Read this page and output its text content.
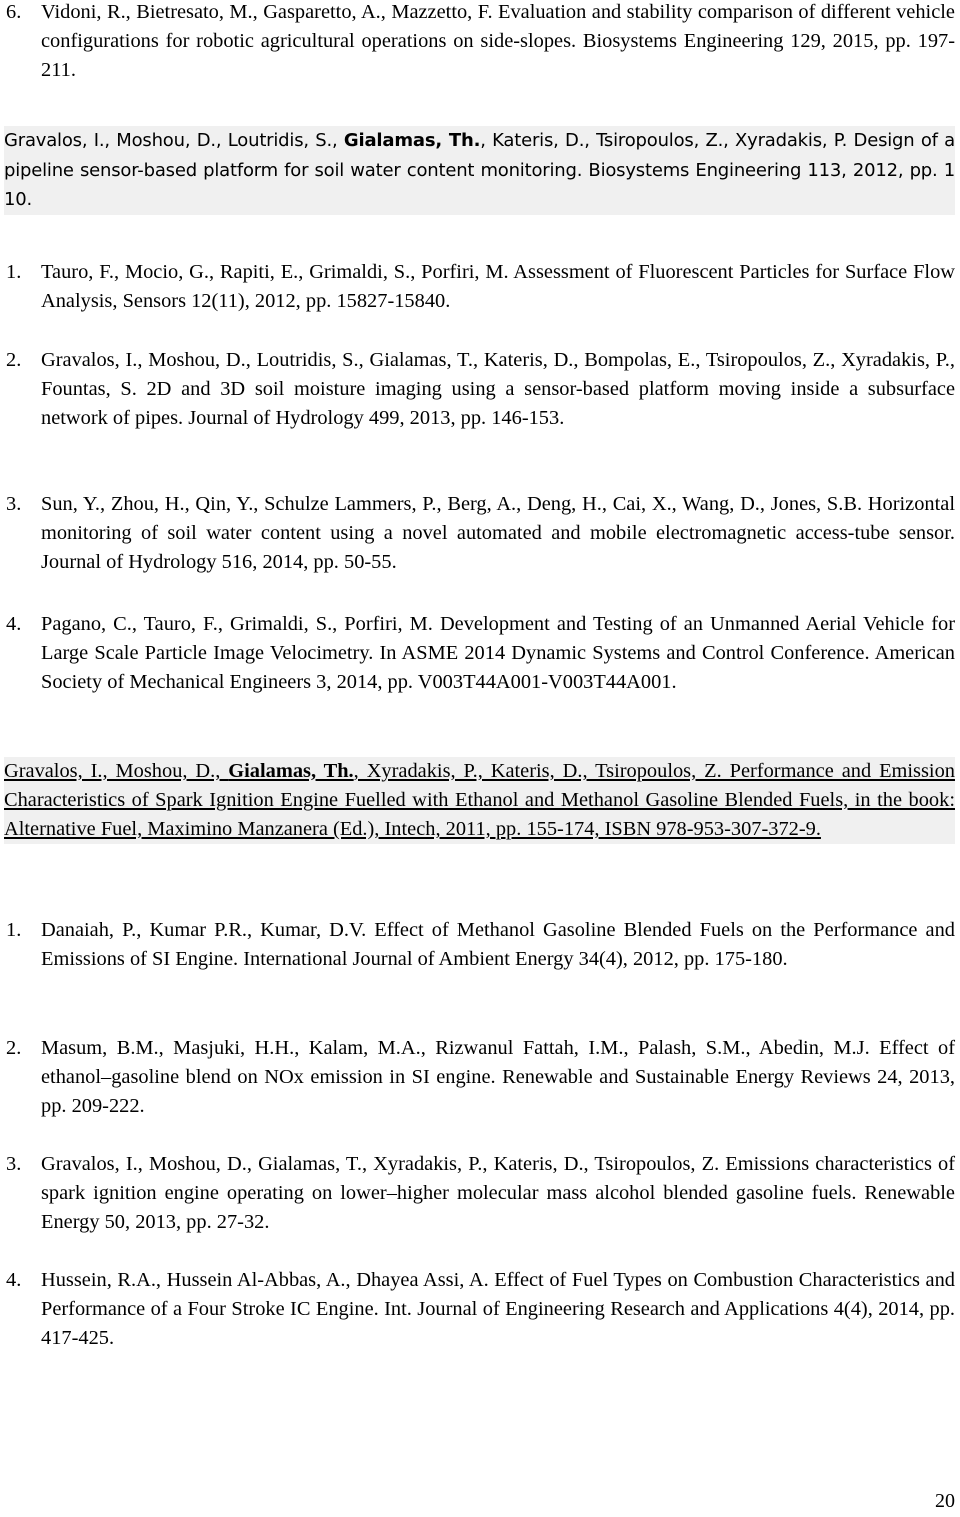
6. Vidoni, R., Bietresato, M., Gasparetto, A., Mazzetto, F. Evaluation and stability comparison of different vehicle configurations for robotic agricultural operations on side-slopes. Biosystems Engineering 129, 2015, pp. 197-211.
Gravalos, I., Moshou, D., Loutridis, S., Gialamas, Th., Kateris, D., Tsiropoulos, Z., Xyradakis, P. Design of a pipeline sensor-based platform for soil water content monitoring. Biosystems Engineering 113, 2012, pp. 1 10.
1. Tauro, F., Mocio, G., Rapiti, E., Grimaldi, S., Porfiri, M. Assessment of Fluorescent Particles for Surface Flow Analysis, Sensors 12(11), 2012, pp. 15827-15840.
2. Gravalos, I., Moshou, D., Loutridis, S., Gialamas, T., Kateris, D., Bompolas, E., Tsiropoulos, Z., Xyradakis, P., Fountas, S. 2D and 3D soil moisture imaging using a sensor-based platform moving inside a subsurface network of pipes. Journal of Hydrology 499, 2013, pp. 146-153.
3. Sun, Y., Zhou, H., Qin, Y., Schulze Lammers, P., Berg, A., Deng, H., Cai, X., Wang, D., Jones, S.B. Horizontal monitoring of soil water content using a novel automated and mobile electromagnetic access-tube sensor. Journal of Hydrology 516, 2014, pp. 50-55.
4. Pagano, C., Tauro, F., Grimaldi, S., Porfiri, M. Development and Testing of an Unmanned Aerial Vehicle for Large Scale Particle Image Velocimetry. In ASME 2014 Dynamic Systems and Control Conference. American Society of Mechanical Engineers 3, 2014, pp. V003T44A001-V003T44A001.
Gravalos, I., Moshou, D., Gialamas, Th., Xyradakis, P., Kateris, D., Tsiropoulos, Z. Performance and Emission Characteristics of Spark Ignition Engine Fuelled with Ethanol and Methanol Gasoline Blended Fuels, in the book: Alternative Fuel, Maximino Manzanera (Ed.), Intech, 2011, pp. 155-174, ISBN 978-953-307-372-9.
1. Danaiah, P., Kumar P.R., Kumar, D.V. Effect of Methanol Gasoline Blended Fuels on the Performance and Emissions of SI Engine. International Journal of Ambient Energy 34(4), 2012, pp. 175-180.
2. Masum, B.M., Masjuki, H.H., Kalam, M.A., Rizwanul Fattah, I.M., Palash, S.M., Abedin, M.J. Effect of ethanol–gasoline blend on NOx emission in SI engine. Renewable and Sustainable Energy Reviews 24, 2013, pp. 209-222.
3. Gravalos, I., Moshou, D., Gialamas, T., Xyradakis, P., Kateris, D., Tsiropoulos, Z. Emissions characteristics of spark ignition engine operating on lower–higher molecular mass alcohol blended gasoline fuels. Renewable Energy 50, 2013, pp. 27-32.
4. Hussein, R.A., Hussein Al-Abbas, A., Dhayea Assi, A. Effect of Fuel Types on Combustion Characteristics and Performance of a Four Stroke IC Engine. Int. Journal of Engineering Research and Applications 4(4), 2014, pp. 417-425.
20
